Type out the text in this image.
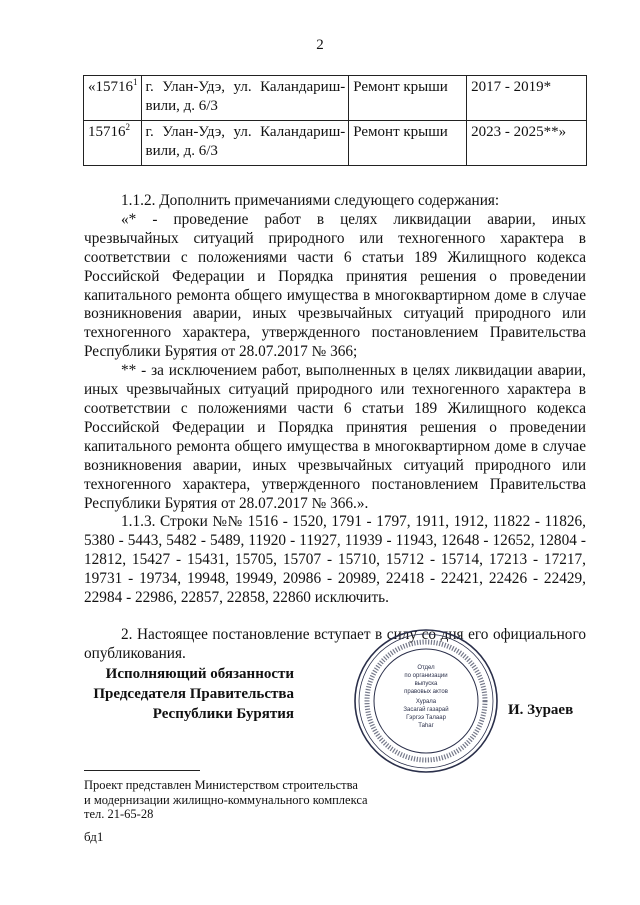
2
«15716$^1$	г. Улан-Удэ, ул. Каландариш-вили, д. 6/3	Ремонт крыши	2017 - 2019*
15716$^2$	г. Улан-Удэ, ул. Каландариш-вили, д. 6/3	Ремонт крыши	2023 - 2025**»

1.1.2. Дополнить примечаниями следующего содержания:

«* - проведение работ в целях ликвидации аварии, иных чрезвычайных ситуаций природного или техногенного характера в соответствии с положениями части 6 статьи 189 Жилищного кодекса Российской Федерации и Порядка принятия решения о проведении капитального ремонта общего имущества в многоквартирном доме в случае возникновения аварии, иных чрезвычайных ситуаций природного или техногенного характера, утвержденного постановлением Правительства Республики Бурятия от 28.07.2017 № 366;

** - за исключением работ, выполненных в целях ликвидации аварии, иных чрезвычайных ситуаций природного или техногенного характера в соответствии с положениями части 6 статьи 189 Жилищного кодекса Российской Федерации и Порядка принятия решения о проведении капитального ремонта общего имущества в многоквартирном доме в случае возникновения аварии, иных чрезвычайных ситуаций природного или техногенного характера, утвержденного постановлением Правительства Республики Бурятия от 28.07.2017 № 366.».

1.1.3. Строки №№ 1516 - 1520, 1791 - 1797, 1911, 1912, 11822 - 11826, 5380 - 5443, 5482 - 5489, 11920 - 11927, 11939 - 11943, 12648 - 12652, 12804 - 12812, 15427 - 15431, 15705, 15707 - 15710, 15712 - 15714, 17213 - 17217, 19731 - 19734, 19948, 19949, 20986 - 20989, 22418 - 22421, 22426 - 22429, 22984 - 22986, 22857, 22858, 22860 исключить.

2. Настоящее постановление вступает в силу со дня его официального опубликования.

Исполняющий обязанности
Председателя Правительства
Республики Бурятия
Отдел
по организации
выпуска
правовых актов
Хурала
Засагай газарай
Гэргээ Талаар
Таhаг
И. Зураев
Проект представлен Министерством строительства
и модернизации жилищно-коммунального комплекса
тел. 21-65-28
бд1
